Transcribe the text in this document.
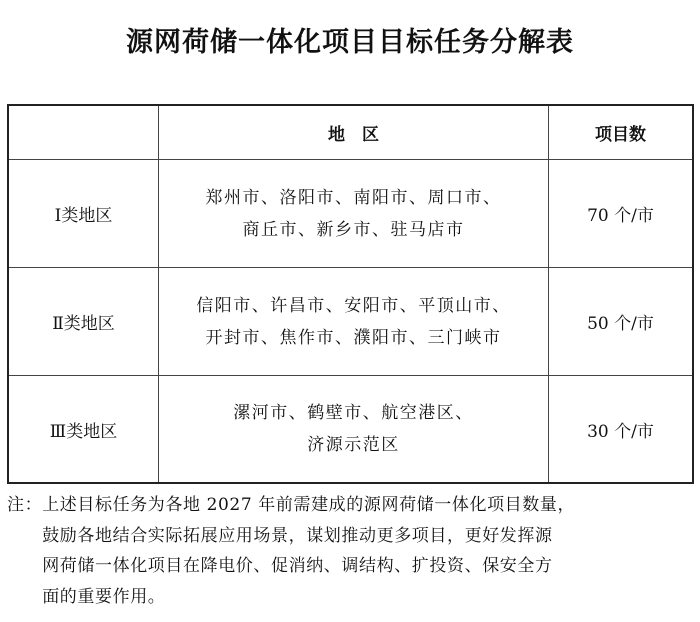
源网荷储一体化项目目标任务分解表
地　区	项目数
Ⅰ类地区
郑州市、洛阳市、南阳市、周口市、
商丘市、新乡市、驻马店市
70 个/市
Ⅱ类地区
信阳市、许昌市、安阳市、平顶山市、
开封市、焦作市、濮阳市、三门峡市
50 个/市
Ⅲ类地区
漯河市、鹤壁市、航空港区、
济源示范区
30 个/市
注：上述目标任务为各地 2027 年前需建成的源网荷储一体化项目数量，
　　鼓励各地结合实际拓展应用场景，谋划推动更多项目，更好发挥源
　　网荷储一体化项目在降电价、促消纳、调结构、扩投资、保安全方
　　面的重要作用。
